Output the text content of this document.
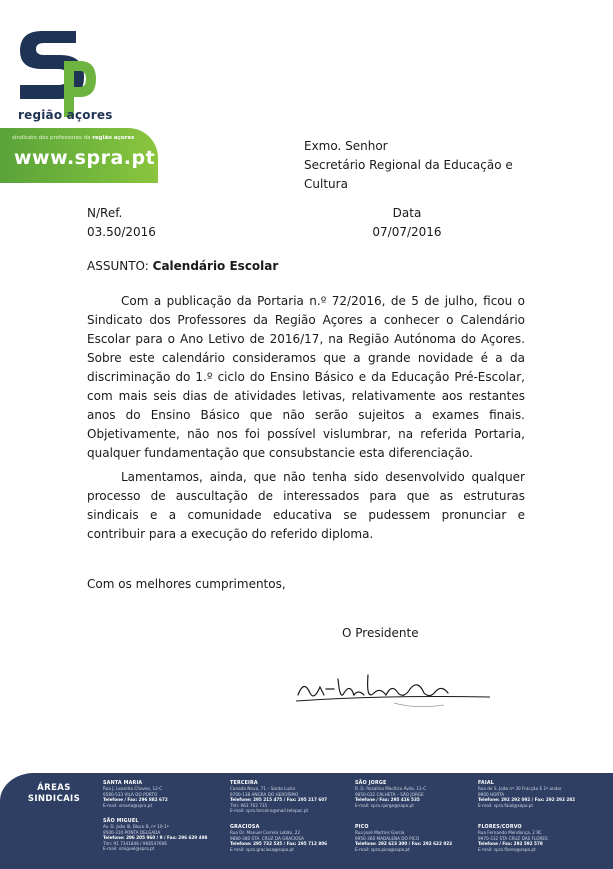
região açores
sindicato dos professores da região açores
www.spra.pt
Exmo. Senhor
Secretário Regional da Educação e
Cultura
N/Ref.
03.50/2016
Data
07/07/2016
ASSUNTO: Calendário Escolar
Com a publicação da Portaria n.º 72/2016, de 5 de julho, ficou o Sindicato dos Professores da Região Açores a conhecer o Calendário Escolar para o Ano Letivo de 2016/17, na Região Autónoma do Açores. Sobre este calendário consideramos que a grande novidade é a da discriminação do 1.º ciclo do Ensino Básico e da Educação Pré-Escolar, com mais seis dias de atividades letivas, relativamente aos restantes anos do Ensino Básico que não serão sujeitos a exames finais. Objetivamente, não nos foi possível vislumbrar, na referida Portaria, qualquer fundamentação que consubstancie esta diferenciação.
Lamentamos, ainda, que não tenha sido desenvolvido qualquer processo de auscultação de interessados para que as estruturas sindicais e a comunidade educativa se pudessem pronunciar e contribuir para a execução do referido diploma.
Com os melhores cumprimentos,
O Presidente
ÁREAS
SINDICAIS
SANTA MARIA
Rua J. Leandro Chaves, 12-C
9580-533 VILA DO PORTO
Telefone / Fax: 296 882 672
E-mail: smaria@spra.pt
SÃO MIGUEL
Av. D. João III, Bloco B, nº 10-1º
9500-310 PONTA DELGADA
Telefone: 296 205 960 / 9 / Fax: 296 629 498
Tlm: 91 7341848 / 968547606
E-mail: smiguel@spra.pt
TERCEIRA
Canada Nova, 71 – Santa Luzia
9700-138 ANGRA DO HEROÍSMO
Telefone: 295 215 475 / Fax: 295 217 607
Tlm: 963 762 735
E-mail: spra.terceira@mail.telepac.pt
GRACIOSA
Rua Dr. Manuel Correia Lobão, 22
9880-380 STA. CRUZ DA GRACIOSA
Telefone: 295 732 535 / Fax: 295 712 806
E-mail: spra.graciosa@sapo.pt
SÃO JORGE
R. D. Rosalina Machico Ávila, 11-C
9850-032 CALHETA – SÃO JORGE
Telefone / Fax: 295 416 535
E-mail: spra.sjorge@sapo.pt
PICO
Rua José Martins Garcia
9950-360 MADALENA DO PICO
Telefone: 292 623 300 / Fax: 292 622 923
E-mail: spra.pico@sapo.pt
FAIAL
Rua de S. João nº 30 Fracção E 1º andar
9900 HORTA
Telefone: 292 292 092 / Fax: 292 292 282
E-mail: spra.faial@sapo.pt
FLORES/CORVO
Rua Fernando Mendonça, 2 RC
9970-332 STA CRUZ DAS FLORES
Telefone / Fax: 292 592 578
E-mail: spra.flores@sapo.pt
